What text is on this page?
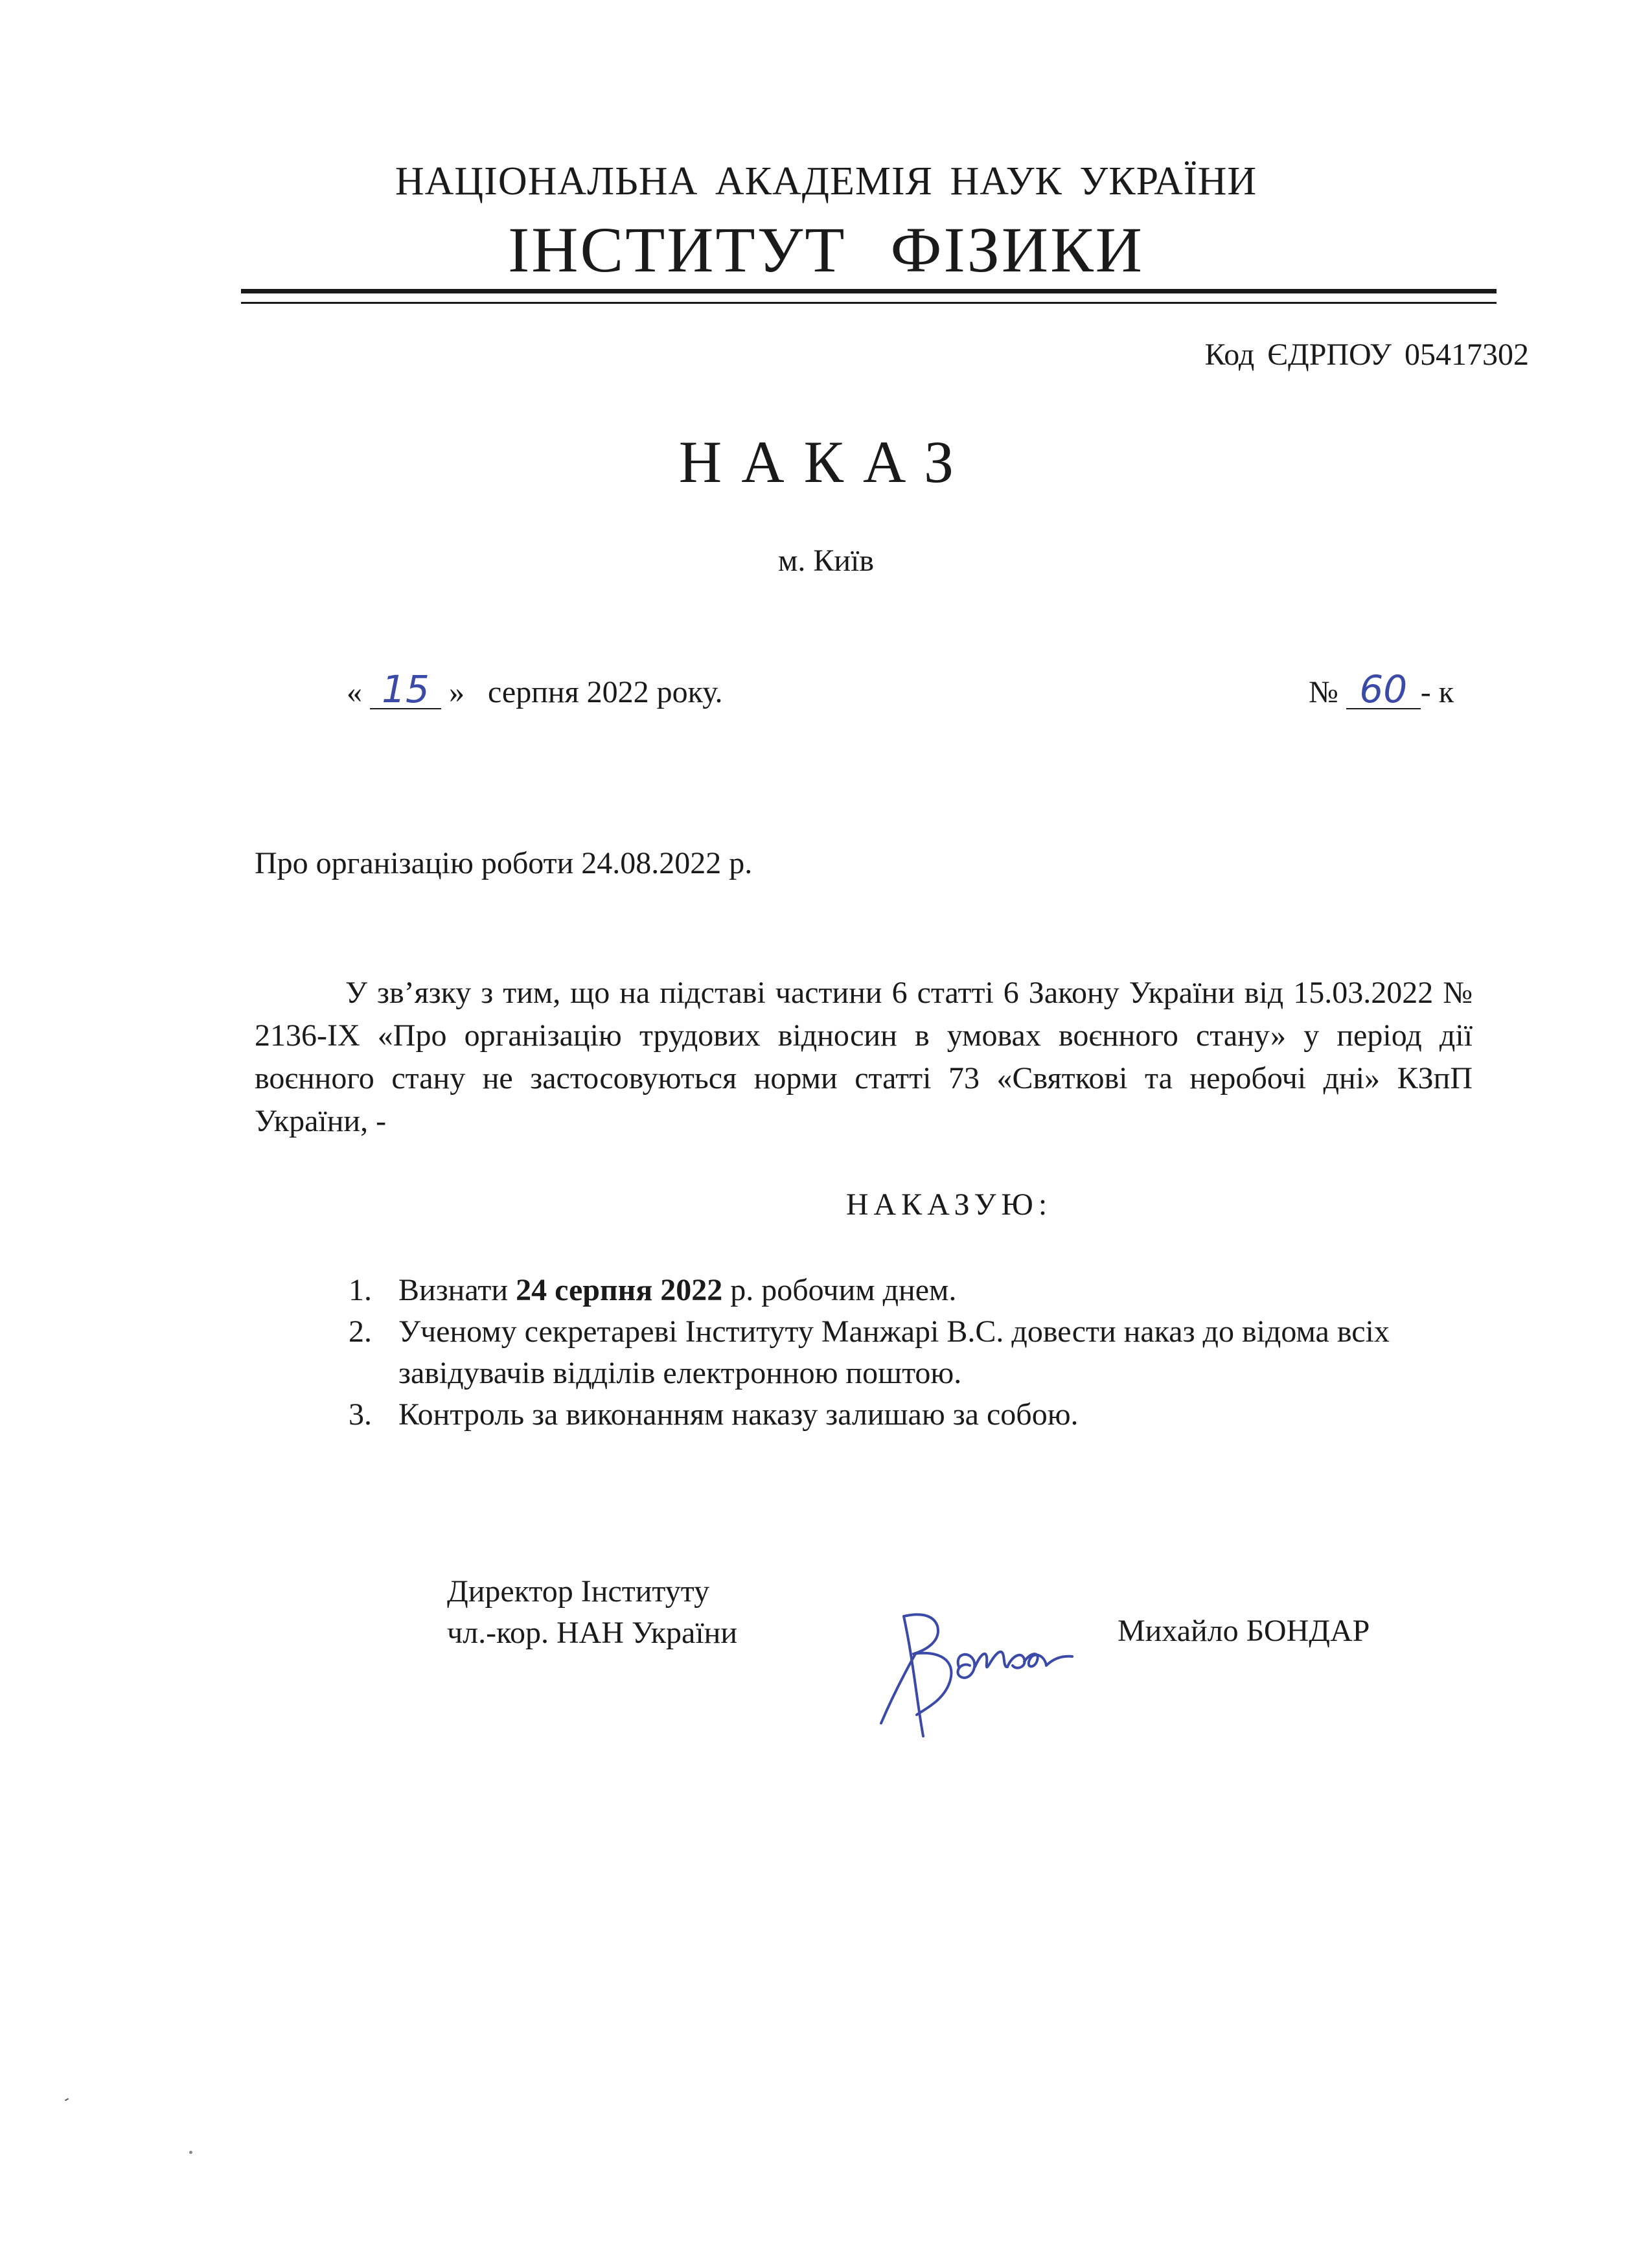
НАЦІОНАЛЬНА АКАДЕМІЯ НАУК УКРАЇНИ
ІНСТИТУТ ФІЗИКИ
Код ЄДРПОУ 05417302
НАКАЗ
м. Київ
« 15 » серпня 2022 року.	№ 60 - к
Про організацію роботи 24.08.2022 р.
У зв’язку з тим, що на підставі частини 6 статті 6 Закону України від 15.03.2022 № 2136-IX «Про організацію трудових відносин в умовах воєнного стану» у період дії воєнного стану не застосовуються норми статті 73 «Святкові та неробочі дні» КЗпП України, -
НАКАЗУЮ:
1. Визнати 24 серпня 2022 р. робочим днем.
2. Ученому секретареві Інституту Манжарі В.С. довести наказ до відома всіх завідувачів відділів електронною поштою.
3. Контроль за виконанням наказу залишаю за собою.
Директор Інституту
чл.-кор. НАН України	Михайло БОНДАР
